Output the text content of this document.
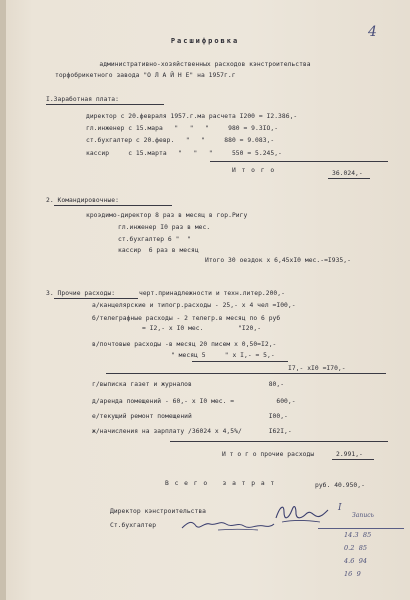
4
Расшифровка
административно-хозяйственных расходов кэнстроительства
торфобрикетного завода "О Л А Й Н Е" на 1957г.г
I.Заработная плата:
директор с 20.февраля 1957.г.ма расчета I200 = I2.386,-
гл.инженер с 15.мара   "   "   "     980 = 9.3IO,-
ст.бухгалтер с 20.февр.   "   "     880 = 9.083,-
кассир     с 15.марта   "   "   "     550 = 5.245,-
И т о г о	36.024,-
2. Командировочные:
кроэдимо-директор 8 раз в месяц в гор.Ригу
гл.инженер I0 раз в мес.
ст.бухгалтер 6 "  "
кассир  6 раз в месяц
Итого 30 оездок х 6,45xI0 мес.-=I935,-
3. Прочие расходы:	черт.принадлежности и техн.литер.200,-
а/канцелярские и типогр.расходы - 25,- х 4 чел =I00,-
б/телеграфные расходы - 2 телегр.в месяц по 6 руб
= I2,- х I0 мес.         "I20,-
в/почтовые расходы -в месяц 20 писем х 0,50=I2,-
" месяц 5     " х I,- = 5,-
I7,- хI0 =I70,-
г/выписка газет и журналов                    80,-
д/аренда помещений - 60,- x I0 мес. =           600,-
е/текущий ремонт помещений                    I00,-
ж/начисления на зарплату /36024 х 4,5%/       I62I,-
И т о г о прочие расходы	2.991,-
В с е г о   з а т р а т	руб. 40.950,-
Директор кэнстроительства
Ст.бухгалтер
I
Запись
14.3  85
0.2  85
4.6  94
16  9
